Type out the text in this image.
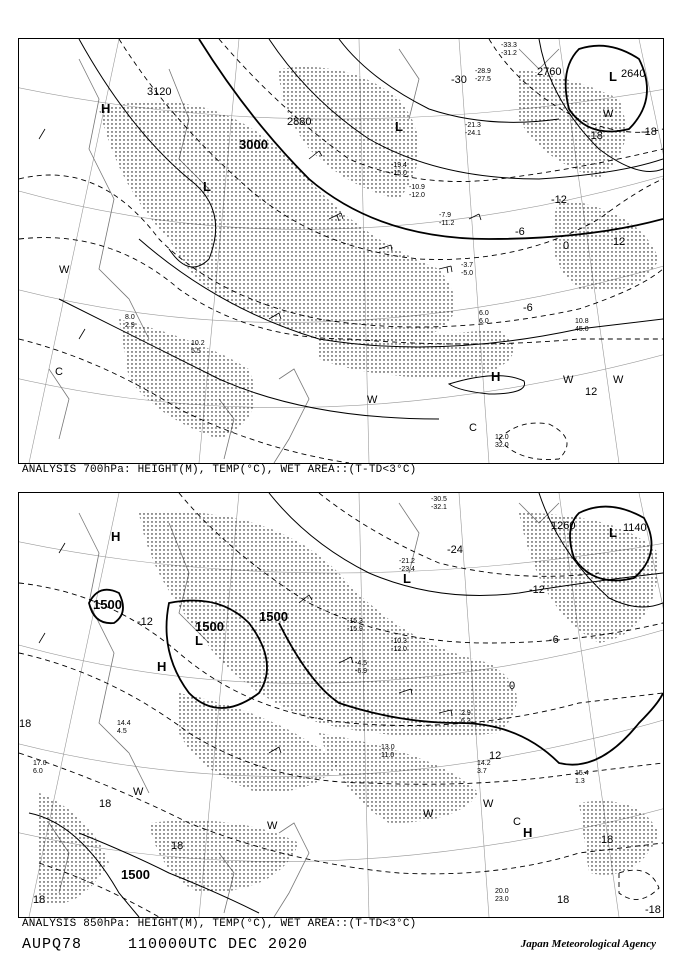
3120
3000
2880
2760	2640
-30
-18	-18
-12
-6
0
12
-6
12
H
L
L
L
H
W
W
W	W
C
C
W
-33.3
-31.2
-28.9
-27.5
-21.3
-24.1
-19.4
-15.0
-10.9
-12.0
-7.9
-11.2
-3.7
-5.0
6.0
6.0	10.8
45.0
12.0
32.0
10.2
5.5
8.0
2.9
ANALYSIS 700hPa: HEIGHT(M), TEMP(°C), WET AREA::(T-TD<3°C)
1500
1500
1500
1260	1140
1500
-24
-12
-12
-6
0
12
18
18
18
18
-18
18
18
H
H
L
L
L
W
W
W
C
H
W
-30.5
-32.1
-21.2
-23.4
-15.3
-15.9
-10.3
-12.0
-4.5
-6.9
2.9
6.3
14.2
3.7	15.4
1.3
20.0
23.0
13.0
11.0
17.0
6.0
14.4
4.5
ANALYSIS 850hPa: HEIGHT(M), TEMP(°C), WET AREA::(T-TD<3°C)
AUPQ78	110000UTC DEC 2020	Japan Meteorological Agency
